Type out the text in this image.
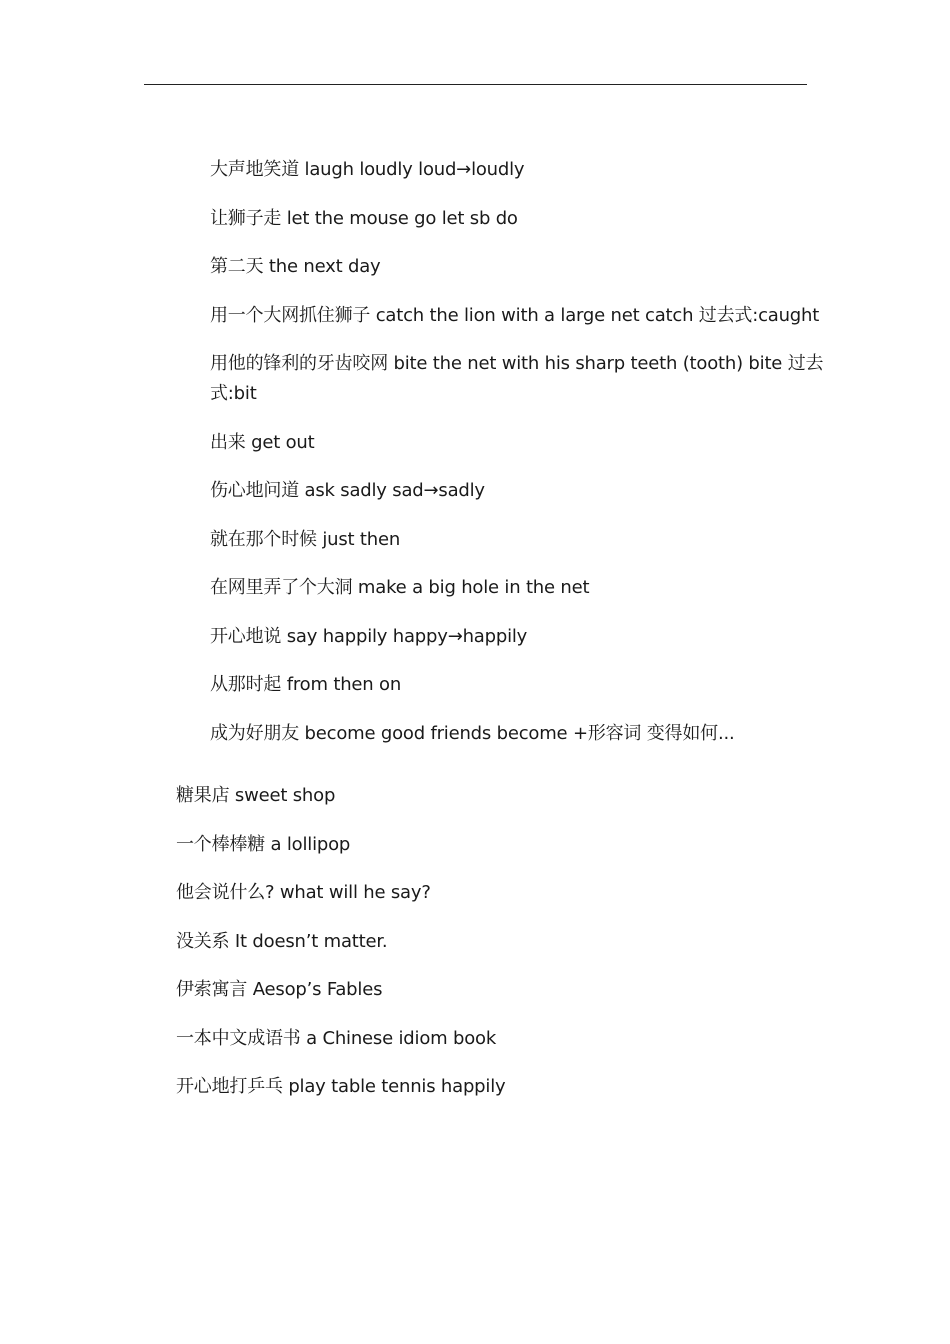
大声地笑道 laugh loudly loud→loudly
让狮子走 let the mouse go let sb do
第二天 the next day
用一个大网抓住狮子 catch the lion with a large net catch 过去式:caught
用他的锋利的牙齿咬网 bite the net with his sharp teeth (tooth) bite 过去式:bit
出来 get out
伤心地问道 ask sadly sad→sadly
就在那个时候 just then
在网里弄了个大洞 make a big hole in the net
开心地说 say happily happy→happily
从那时起 from then on
成为好朋友 become good friends become +形容词 变得如何...
糖果店 sweet shop
一个棒棒糖 a lollipop
他会说什么? what will he say?
没关系 It doesn’t matter.
伊索寓言 Aesop’s Fables
一本中文成语书 a Chinese idiom book
开心地打乒乓 play table tennis happily
